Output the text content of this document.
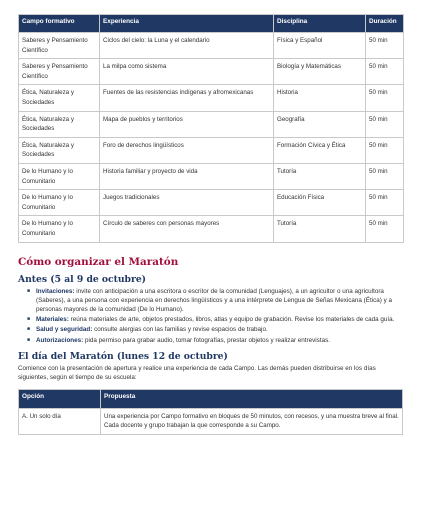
Campo formativo	Experiencia	Disciplina	Duración
Saberes y Pensamiento Científico	Ciclos del cielo: la Luna y el calendario	Física y Español	50 min
Saberes y Pensamiento Científico	La milpa como sistema	Biología y Matemáticas	50 min
Ética, Naturaleza y Sociedades	Fuentes de las resistencias indígenas y afromexicanas	Historia	50 min
Ética, Naturaleza y Sociedades	Mapa de pueblos y territorios	Geografía	50 min
Ética, Naturaleza y Sociedades	Foro de derechos lingüísticos	Formación Cívica y Ética	50 min
De lo Humano y lo Comunitario	Historia familiar y proyecto de vida	Tutoría	50 min
De lo Humano y lo Comunitario	Juegos tradicionales	Educación Física	50 min
De lo Humano y lo Comunitario	Círculo de saberes con personas mayores	Tutoría	50 min
Cómo organizar el Maratón
Antes (5 al 9 de octubre)
■ Invitaciones: invite con anticipación a una escritora o escritor de la comunidad (Lenguajes), a un agricultor o una agricultora (Saberes), a una persona con experiencia en derechos lingüísticos y a una intérprete de Lengua de Señas Mexicana (Ética) y a personas mayores de la comunidad (De lo Humano).
■ Materiales: reúna materiales de arte, objetos prestados, libros, atlas y equipo de grabación. Revise los materiales de cada guía.
■ Salud y seguridad: consulte alergias con las familias y revise espacios de trabajo.
■ Autorizaciones: pida permiso para grabar audio, tomar fotografías, prestar objetos y realizar entrevistas.
El día del Maratón (lunes 12 de octubre)

Comience con la presentación de apertura y realice una experiencia de cada Campo. Las demás pueden distribuirse en los días siguientes, según el tiempo de su escuela:

Opción	Propuesta
A. Un solo día	Una experiencia por Campo formativo en bloques de 50 minutos, con recesos, y una muestra breve al final. Cada docente y grupo trabajan la que corresponde a su Campo.
